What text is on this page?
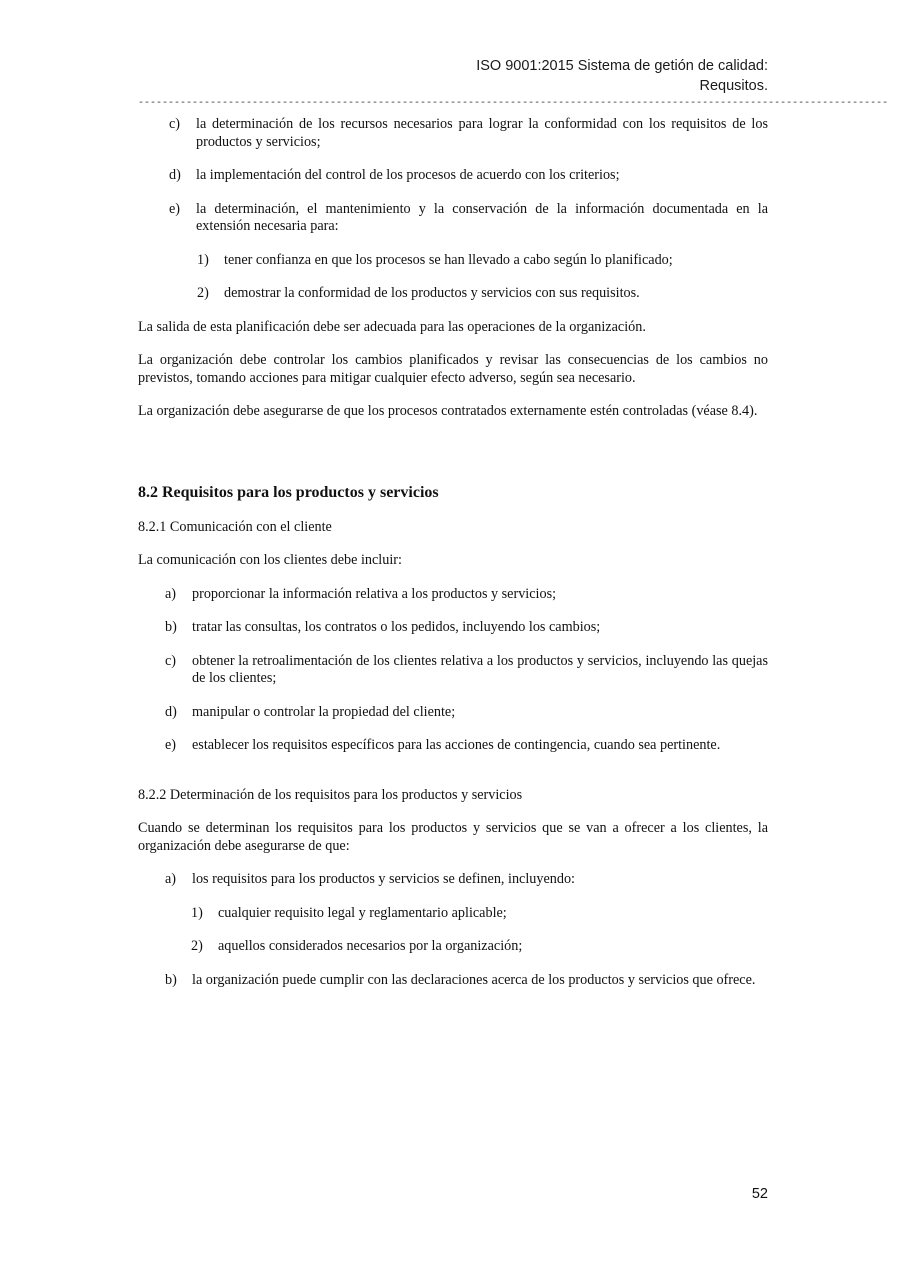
ISO 9001:2015 Sistema de getión de calidad:
Requsitos.
-----------------------------------------------------------------------------------------------------------------------------
c) la determinación de los recursos necesarios para lograr la conformidad con los requisitos de los productos y servicios;
d) la implementación del control de los procesos de acuerdo con los criterios;
e) la determinación, el mantenimiento y la conservación de la información documentada en la extensión necesaria para:
1) tener confianza en que los procesos se han llevado a cabo según lo planificado;
2) demostrar la conformidad de los productos y servicios con sus requisitos.
La salida de esta planificación debe ser adecuada para las operaciones de la organización.
La organización debe controlar los cambios planificados y revisar las consecuencias de los cambios no previstos, tomando acciones para mitigar cualquier efecto adverso, según sea necesario.
La organización debe asegurarse de que los procesos contratados externamente estén controladas (véase 8.4).
8.2 Requisitos para los productos y servicios
8.2.1 Comunicación con el cliente
La comunicación con los clientes debe incluir:
a) proporcionar la información relativa a los productos y servicios;
b) tratar las consultas, los contratos o los pedidos, incluyendo los cambios;
c) obtener la retroalimentación de los clientes relativa a los productos y servicios, incluyendo las quejas de los clientes;
d) manipular o controlar la propiedad del cliente;
e) establecer los requisitos específicos para las acciones de contingencia, cuando sea pertinente.
8.2.2 Determinación de los requisitos para los productos y servicios
Cuando se determinan los requisitos para los productos y servicios que se van a ofrecer a los clientes, la organización debe asegurarse de que:
a) los requisitos para los productos y servicios se definen, incluyendo:
1) cualquier requisito legal y reglamentario aplicable;
2) aquellos considerados necesarios por la organización;
b) la organización puede cumplir con las declaraciones acerca de los productos y servicios que ofrece.
52
